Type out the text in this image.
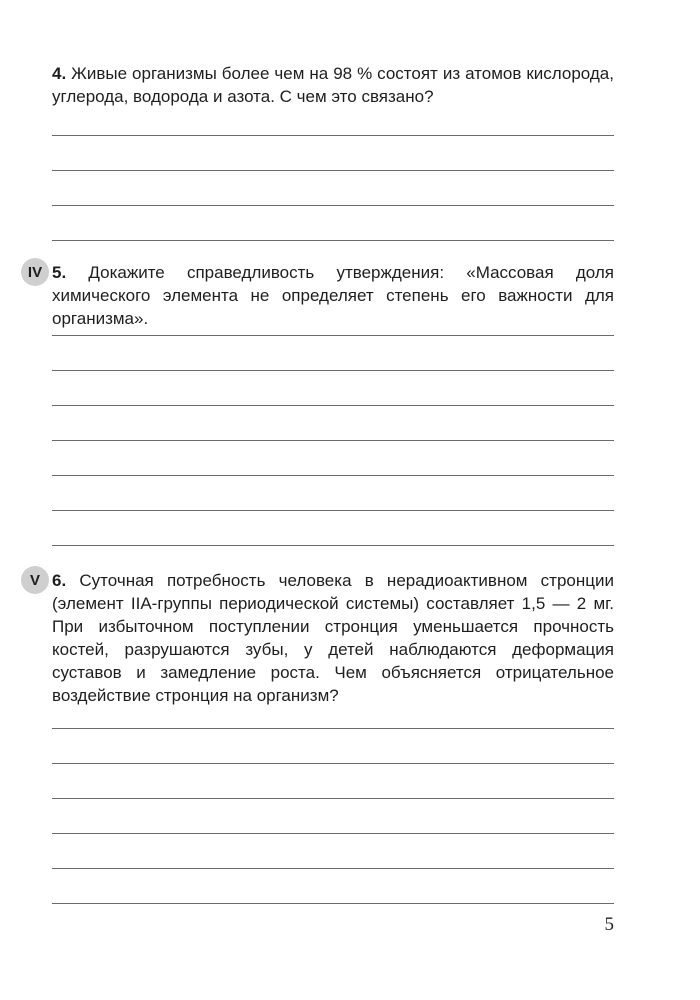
4. Живые организмы более чем на 98 % состоят из атомов кислорода, углерода, водорода и азота. С чем это связано?

IV 5. Докажите справедливость утверждения: «Массовая доля химического элемента не определяет степень его важности для организма».

V 6. Суточная потребность человека в нерадиоактивном стронции (элемент IIA-группы периодической системы) составляет 1,5 — 2 мг. При избыточном поступлении стронция уменьшается прочность костей, разрушаются зубы, у детей наблюдаются деформация суставов и замедление роста. Чем объясняется отрицательное воздействие стронция на организм?

5
